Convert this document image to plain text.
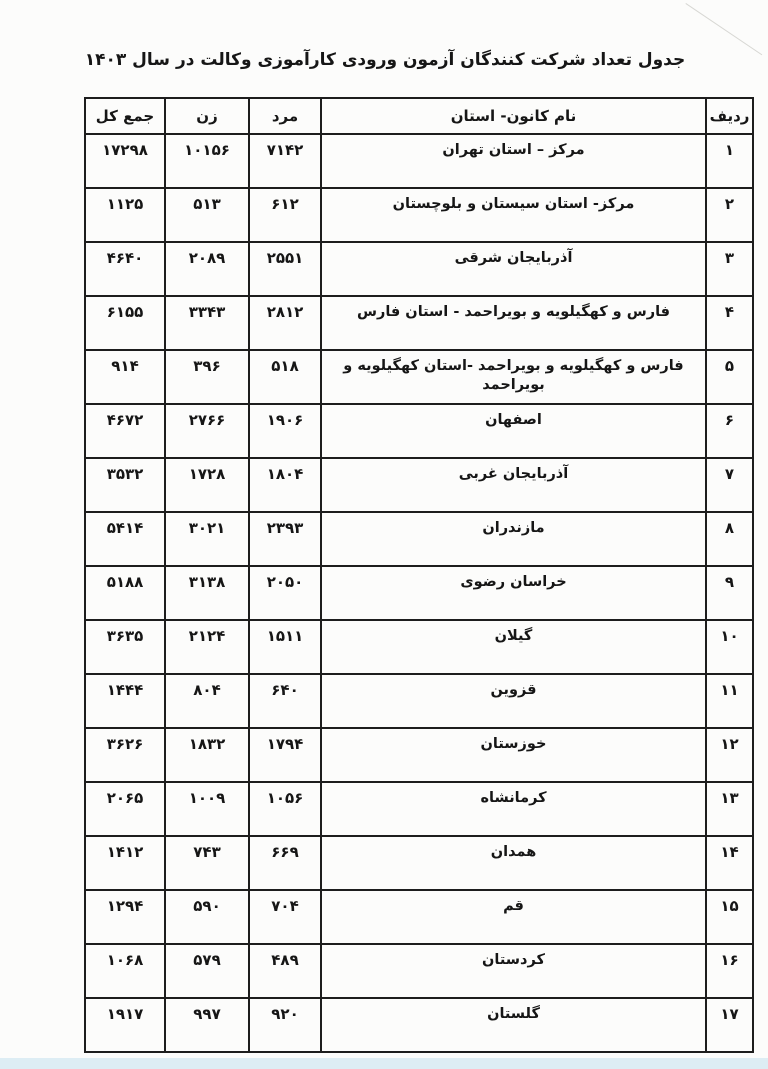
جدول تعداد شرکت کنندگان آزمون ورودی کارآموزی وکالت در سال ۱۴۰۳
ردیف	نام کانون- استان	مرد	زن	جمع کل
۱	مرکز – استان تهران	۷۱۴۲	۱۰۱۵۶	۱۷۲۹۸
۲	مرکز- استان سیستان و بلوچستان	۶۱۲	۵۱۳	۱۱۲۵
۳	آذربایجان شرقی	۲۵۵۱	۲۰۸۹	۴۶۴۰
۴	فارس و کهگیلویه و بویراحمد - استان فارس	۲۸۱۲	۳۳۴۳	۶۱۵۵
۵	فارس و کهگیلویه و بویراحمد -استان کهگیلویه و بویراحمد	۵۱۸	۳۹۶	۹۱۴
۶	اصفهان	۱۹۰۶	۲۷۶۶	۴۶۷۲
۷	آذربایجان غربی	۱۸۰۴	۱۷۲۸	۳۵۳۲
۸	مازندران	۲۳۹۳	۳۰۲۱	۵۴۱۴
۹	خراسان رضوی	۲۰۵۰	۳۱۳۸	۵۱۸۸
۱۰	گیلان	۱۵۱۱	۲۱۲۴	۳۶۳۵
۱۱	قزوین	۶۴۰	۸۰۴	۱۴۴۴
۱۲	خوزستان	۱۷۹۴	۱۸۳۲	۳۶۲۶
۱۳	کرمانشاه	۱۰۵۶	۱۰۰۹	۲۰۶۵
۱۴	همدان	۶۶۹	۷۴۳	۱۴۱۲
۱۵	قم	۷۰۴	۵۹۰	۱۲۹۴
۱۶	کردستان	۴۸۹	۵۷۹	۱۰۶۸
۱۷	گلستان	۹۲۰	۹۹۷	۱۹۱۷
